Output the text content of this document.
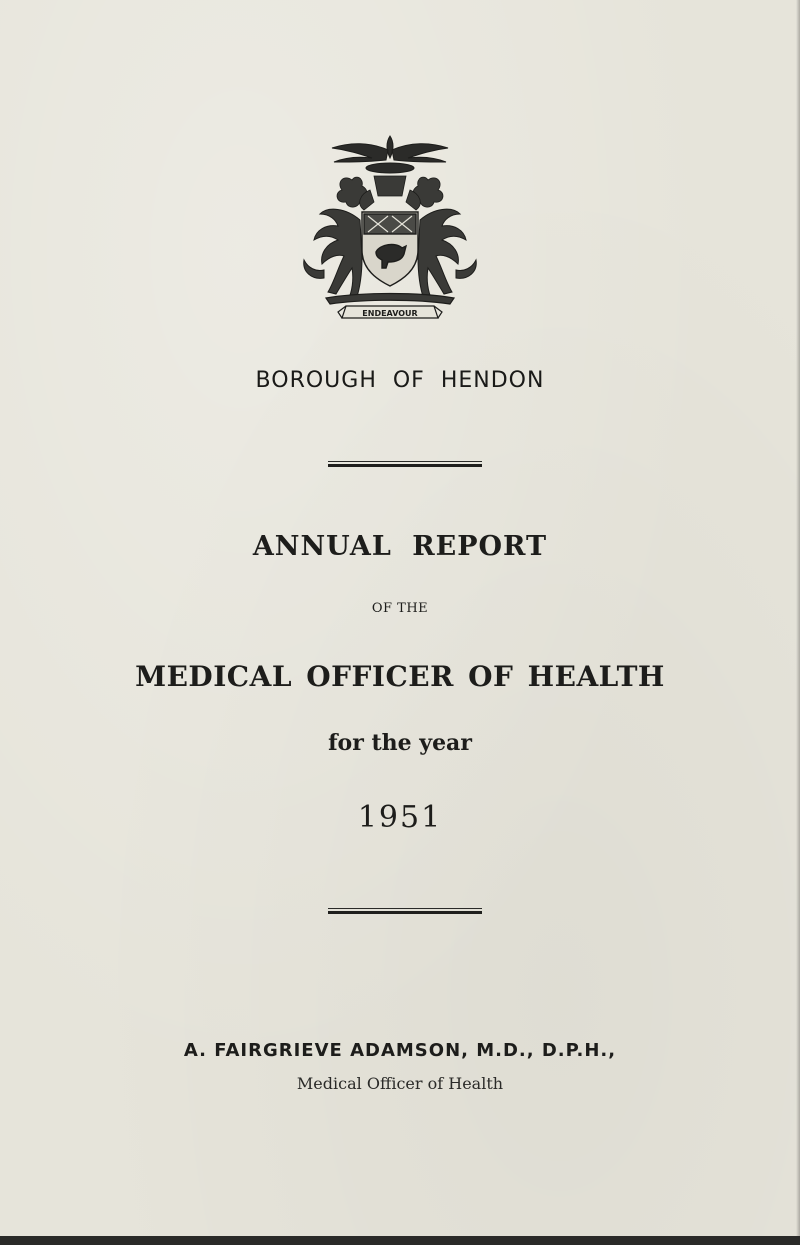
ENDEAVOUR
BOROUGH OF HENDON
ANNUAL REPORT
OF THE
MEDICAL OFFICER OF HEALTH
for the year
1951
A. FAIRGRIEVE ADAMSON, M.D., D.P.H.,
Medical Officer of Health
